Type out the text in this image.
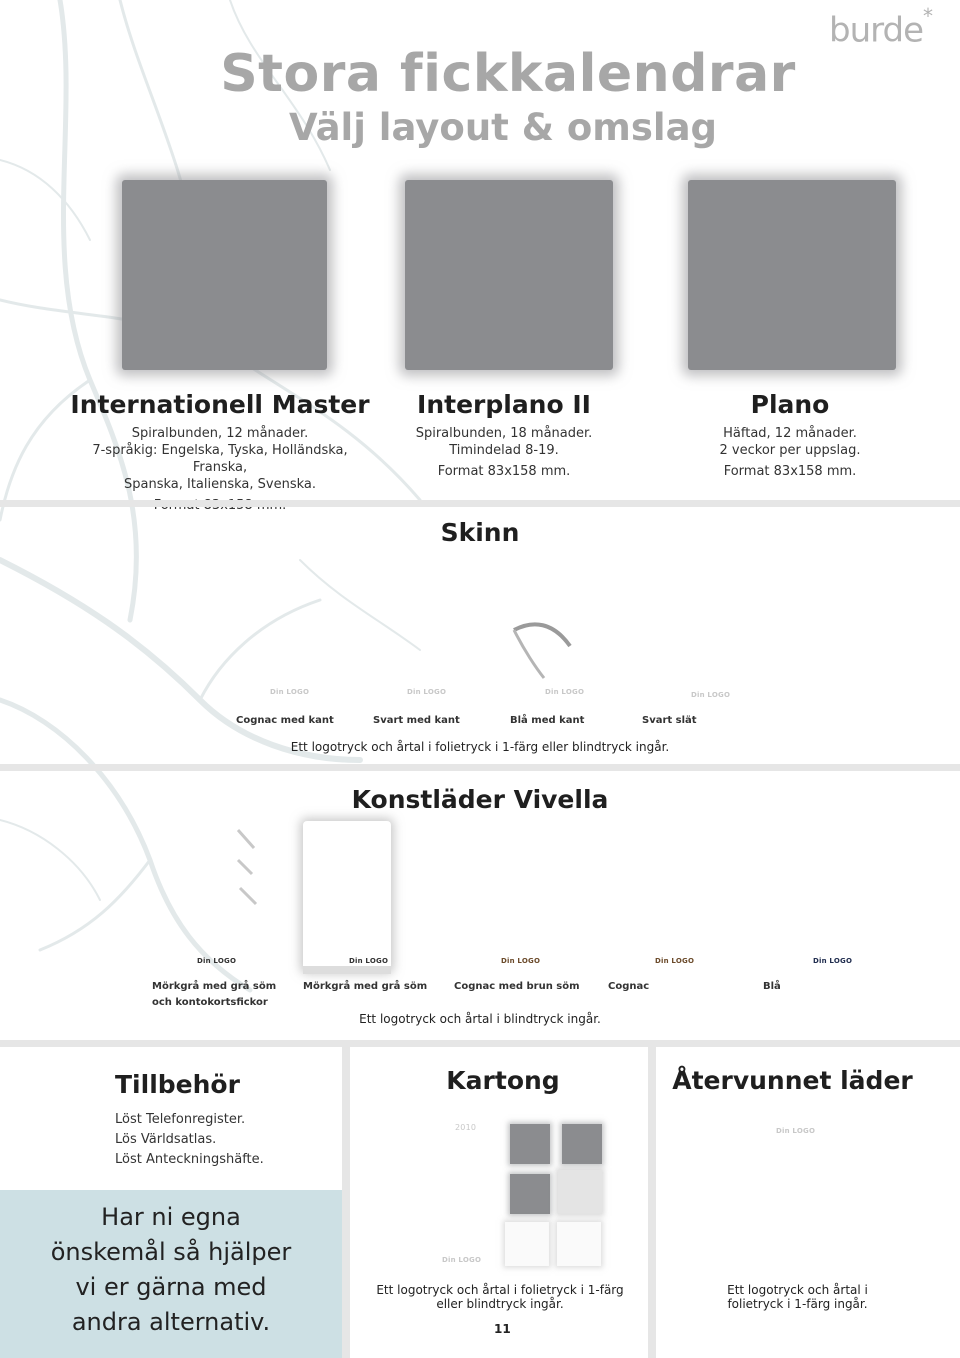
burde*
Stora fickkalendrar
Välj layout & omslag
Internationell Master

Spiralbunden, 12 månader.

7-språkig: Engelska, Tyska, Holländska, Franska,

Spanska, Italienska, Svenska.

Interplano II

Spiralbunden, 18 månader.

Timindelad 8-19.

Format 83x158 mm.

Plano

Häftad, 12 månader.

2 veckor per uppslag.

Format 83x158 mm.

Skinn
Din LOGO	Din LOGO	Din LOGO	Din LOGO
Cognac med kant	Svart med kant	Blå med kant	Svart slät
Ett logotryck och årtal i folietryck i 1-färg eller blindtryck ingår.
Konstläder Vivella
Din LOGO	Din LOGO	Din LOGO	Din LOGO	Din LOGO
Mörkgrå med grå söm
och kontokortsfickor
Mörkgrå med grå söm	Cognac med brun söm	Cognac	Blå
Ett logotryck och årtal i blindtryck ingår.
Tillbehör
Löst Telefonregister.
Lös Världsatlas.
Löst Anteckningshäfte.
Har ni egna
önskemål så hjälper
vi er gärna med
andra alternativ.
Kartong
2010
Din LOGO
Ett logotryck och årtal i folietryck i 1-färg
eller blindtryck ingår.
11
Återvunnet läder
Din LOGO
Ett logotryck och årtal i
folietryck i 1-färg ingår.
